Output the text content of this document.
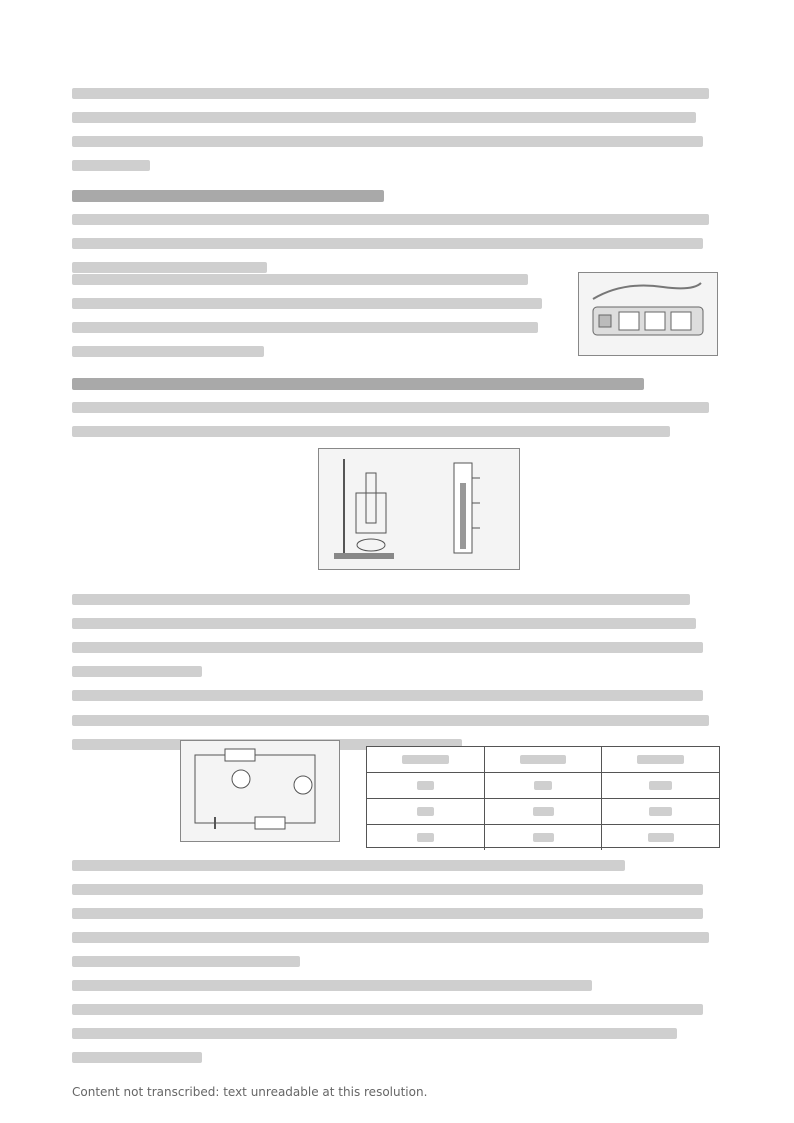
Content not transcribed: text unreadable at this resolution.
